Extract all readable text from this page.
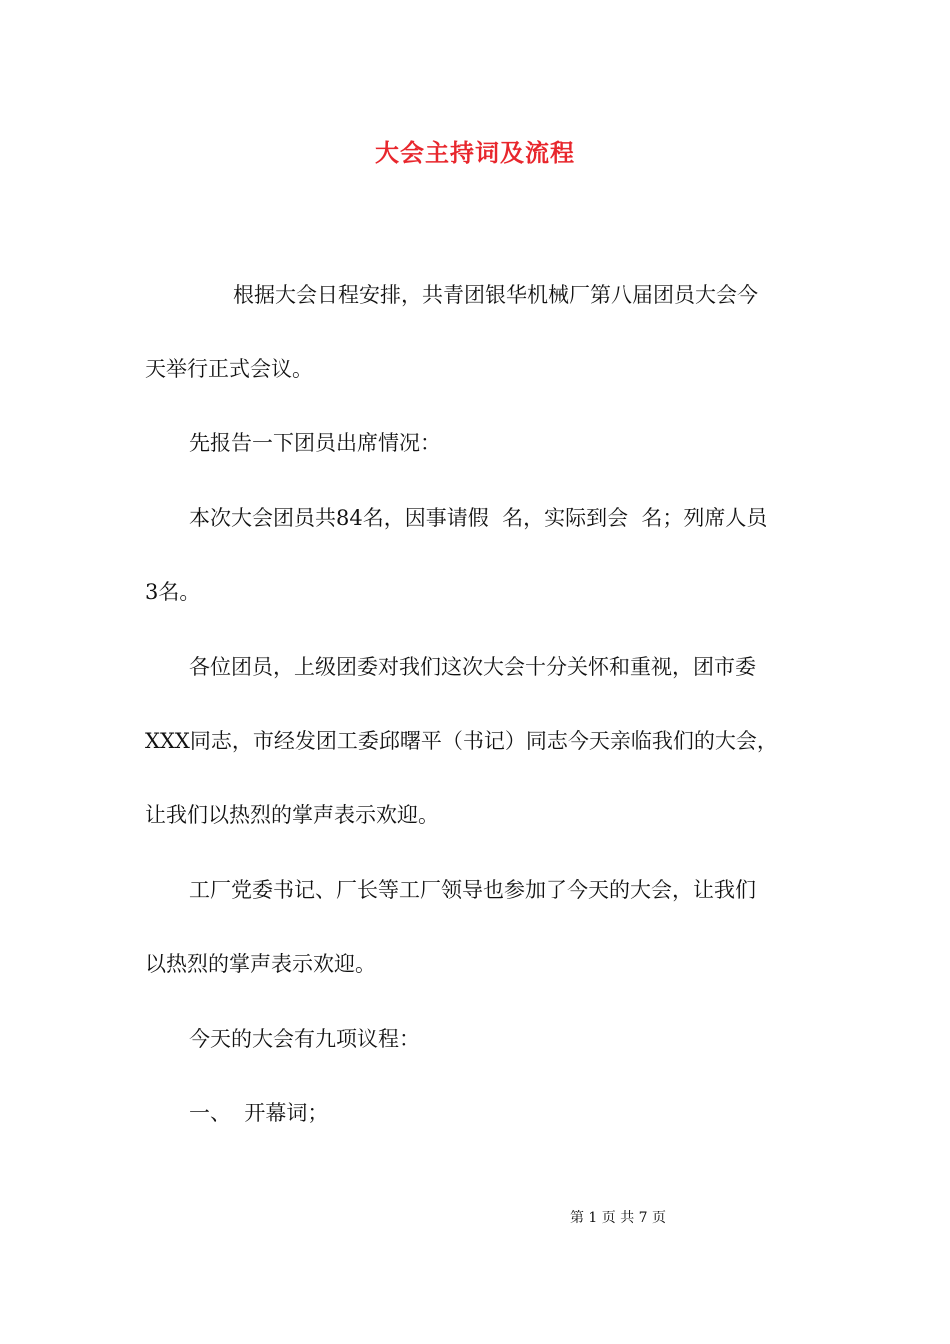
大会主持词及流程
根据大会日程安排，共青团银华机械厂第八届团员大会今
天举行正式会议。
先报告一下团员出席情况：
本次大会团员共84名，因事请假  名，实际到会  名；列席人员
3名。
各位团员，上级团委对我们这次大会十分关怀和重视，团市委
XXX同志，市经发团工委邱曙平（书记）同志今天亲临我们的大会，
让我们以热烈的掌声表示欢迎。
工厂党委书记、厂长等工厂领导也参加了今天的大会，让我们
以热烈的掌声表示欢迎。
今天的大会有九项议程：
一、  开幕词；
第 1 页 共 7 页
